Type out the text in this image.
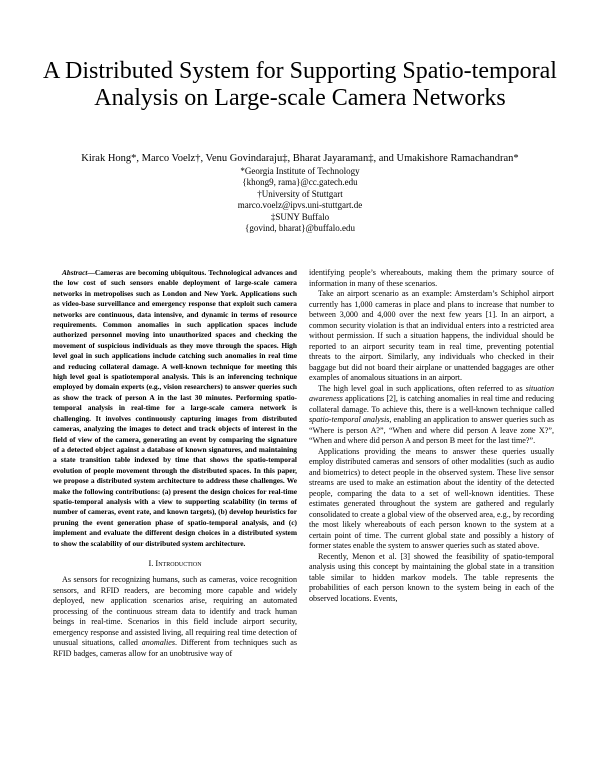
A Distributed System for Supporting Spatio-temporal Analysis on Large-scale Camera Networks
Kirak Hong*, Marco Voelz†, Venu Govindaraju‡, Bharat Jayaraman‡, and Umakishore Ramachandran*
*Georgia Institute of Technology
{khong9, rama}@cc.gatech.edu
†University of Stuttgart
marco.voelz@ipvs.uni-stuttgart.de
‡SUNY Buffalo
{govind, bharat}@buffalo.edu

Abstract—Cameras are becoming ubiquitous. Technological advances and the low cost of such sensors enable deployment of large-scale camera networks in metropolises such as London and New York. Applications such as video-base surveillance and emergency response that exploit such camera networks are continuous, data intensive, and dynamic in terms of resource requirements. Common anomalies in such application spaces include authorized personnel moving into unauthorized spaces and checking the movement of suspicious individuals as they move through the spaces. High level goal in such applications include catching such anomalies in real time and reducing collateral damage. A well-known technique for meeting this high level goal is spatiotemporal analysis. This is an inferencing technique employed by domain experts (e.g., vision researchers) to answer queries such as show the track of person A in the last 30 minutes. Performing spatio-temporal analysis in real-time for a large-scale camera network is challenging. It involves continuously capturing images from distributed cameras, analyzing the images to detect and track objects of interest in the field of view of the camera, generating an event by comparing the signature of a detected object against a database of known signatures, and maintaining a state transition table indexed by time that shows the spatio-temporal evolution of people movement through the distributed spaces. In this paper, we propose a distributed system architecture to address these challenges. We make the following contributions: (a) present the design choices for real-time spatio-temporal analysis with a view to supporting scalability (in terms of number of cameras, event rate, and known targets), (b) develop heuristics for pruning the event generation phase of spatio-temporal analysis, and (c) implement and evaluate the different design choices in a distributed system to show the scalability of our distributed system architecture.

I. Introduction

As sensors for recognizing humans, such as cameras, voice recognition sensors, and RFID readers, are becoming more capable and widely deployed, new application scenarios arise, requiring an automated processing of the continuous stream data to identify and track human beings in real-time. Scenarios in this field include airport security, emergency response and assisted living, all requiring real time detection of unusual situations, called anomalies. Different from techniques such as RFID badges, cameras allow for an unobtrusive way of

identifying people’s whereabouts, making them the primary source of information in many of these scenarios.

Take an airport scenario as an example: Amsterdam’s Schiphol airport currently has 1,000 cameras in place and plans to increase that number to between 3,000 and 4,000 over the next few years [1]. In an airport, a common security violation is that an individual enters into a restricted area without permission. If such a situation happens, the individual should be reported to an airport security team in real time, preventing potential threats to the airport. Similarly, any individuals who checked in their baggage but did not board their airplane or unattended baggages are other examples of anomalous situations in an airport.

The high level goal in such applications, often referred to as situation awareness applications [2], is catching anomalies in real time and reducing collateral damage. To achieve this, there is a well-known technique called spatio-temporal analysis, enabling an application to answer queries such as “Where is person A?”, “When and where did person A leave zone X?”, “When and where did person A and person B meet for the last time?”.

Applications providing the means to answer these queries usually employ distributed cameras and sensors of other modalities (such as audio and biometrics) to detect people in the observed system. These live sensor streams are used to make an estimation about the identity of the detected people, comparing the data to a set of well-known identities. These estimates generated throughout the system are gathered and regularly consolidated to create a global view of the observed area, e.g., by recording the most likely whereabouts of each person known to the system at a certain point of time. The current global state and possibly a history of former states enable the system to answer queries such as stated above.

Recently, Menon et al. [3] showed the feasibility of spatio-temporal analysis using this concept by maintaining the global state in a transition table similar to hidden markov models. The table represents the probabilities of each person known to the system being in each of the observed locations. Events,
